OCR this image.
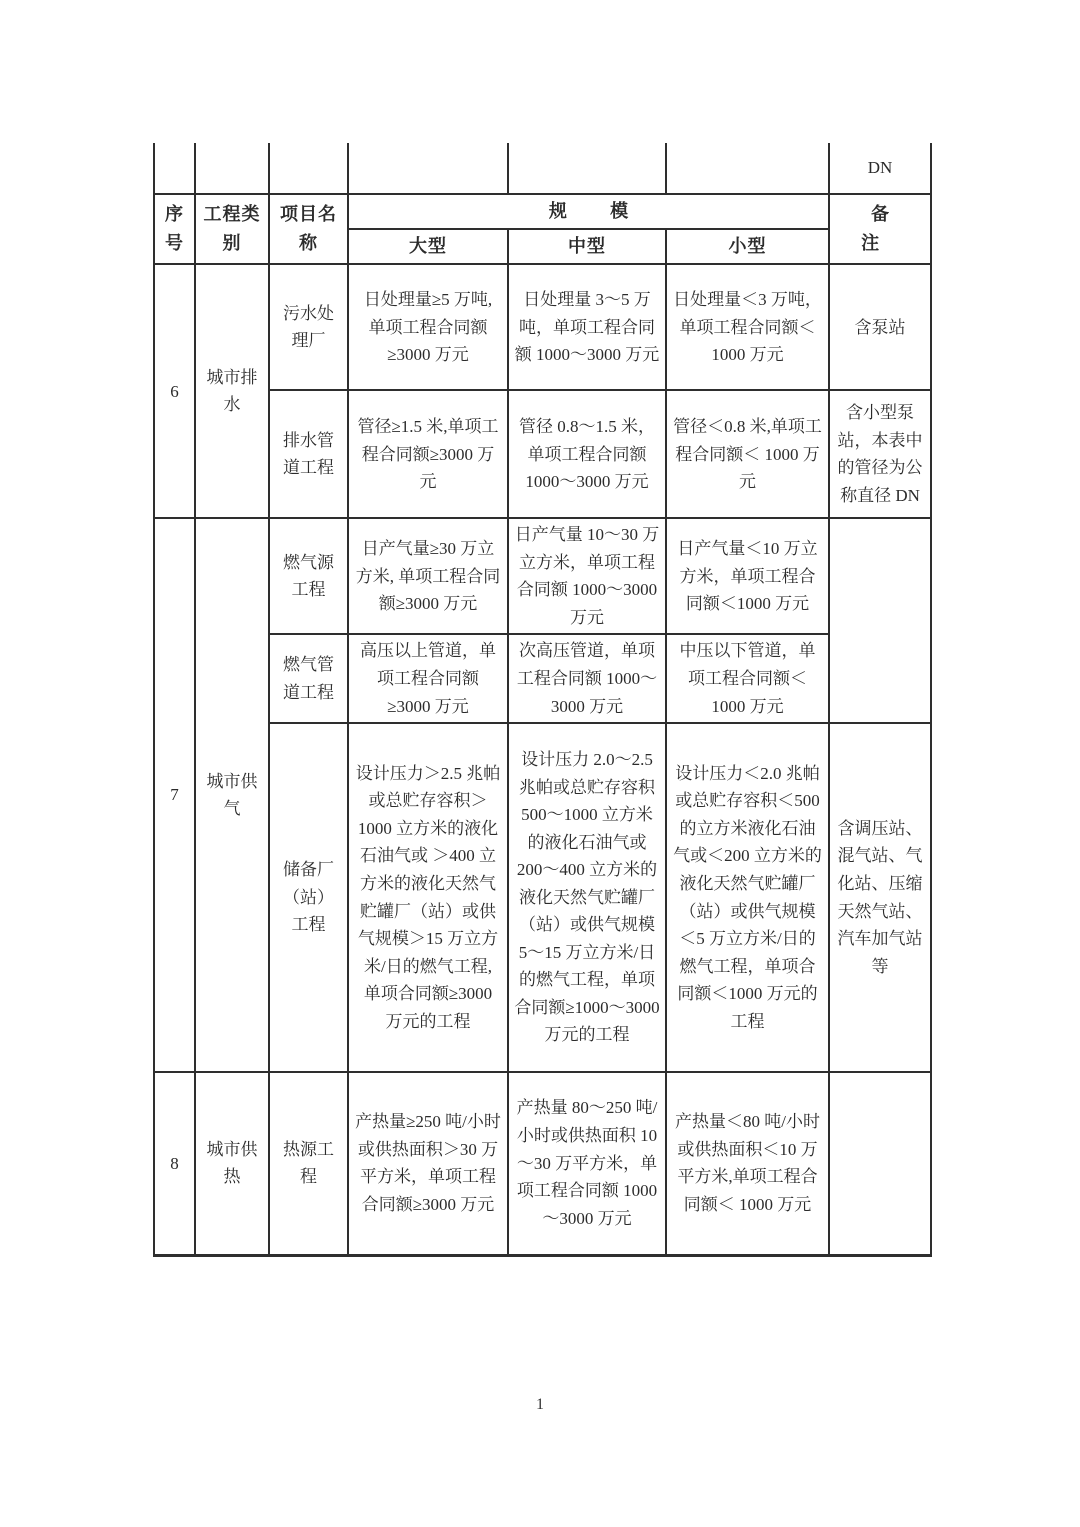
						DN
序号	工程类别	项目名称	规模			备注
			大型	中型	小型	
6	城市排水	污水处理厂	日处理量≥5 万吨, 单项工程合同额≥3000 万元	日处理量 3～5 万吨，单项工程合同额 1000～3000 万元	日处理量＜3 万吨，单项工程合同额＜1000 万元	含泵站
		排水管道工程	管径≥1.5 米,单项工程合同额≥3000 万元	管径 0.8～1.5 米，单项工程合同额 1000～3000 万元	管径＜0.8 米,单项工程合同额＜ 1000 万元	含小型泵站，本表中的管径为公称直径 DN
7	城市供气	燃气源工程	日产气量≥30 万立方米, 单项工程合同额≥3000 万元	日产气量 10～30 万立方米，单项工程合同额 1000～3000 万元	日产气量＜10 万立方米，单项工程合同额＜1000 万元	
		燃气管道工程	高压以上管道，单项工程合同额 ≥3000 万元	次高压管道，单项工程合同额 1000～3000 万元	中压以下管道，单项工程合同额＜ 1000 万元	
		储备厂（站）工程	设计压力＞2.5 兆帕或总贮存容积＞1000 立方米的液化石油气或 ＞400 立方米的液化天然气贮罐厂（站）或供气规模＞15 万立方米/日的燃气工程, 单项合同额≥3000 万元的工程	设计压力 2.0～2.5 兆帕或总贮存容积 500～1000 立方米的液化石油气或 200～400 立方米的液化天然气贮罐厂（站）或供气规模 5～15 万立方米/日的燃气工程，单项合同额≥1000～3000 万元的工程	设计压力＜2.0 兆帕或总贮存容积＜500 的立方米液化石油气或＜200 立方米的液化天然气贮罐厂（站）或供气规模＜5 万立方米/日的燃气工程，单项合同额＜1000 万元的工程	含调压站、混气站、气化站、压缩天然气站、汽车加气站等
8	城市供热	热源工程	产热量≥250 吨/小时或供热面积＞30 万平方米，单项工程合同额≥3000 万元	产热量 80～250 吨/小时或供热面积 10～30 万平方米，单项工程合同额 1000～3000 万元	产热量＜80 吨/小时或供热面积＜10 万平方米,单项工程合同额＜ 1000 万元	
1
